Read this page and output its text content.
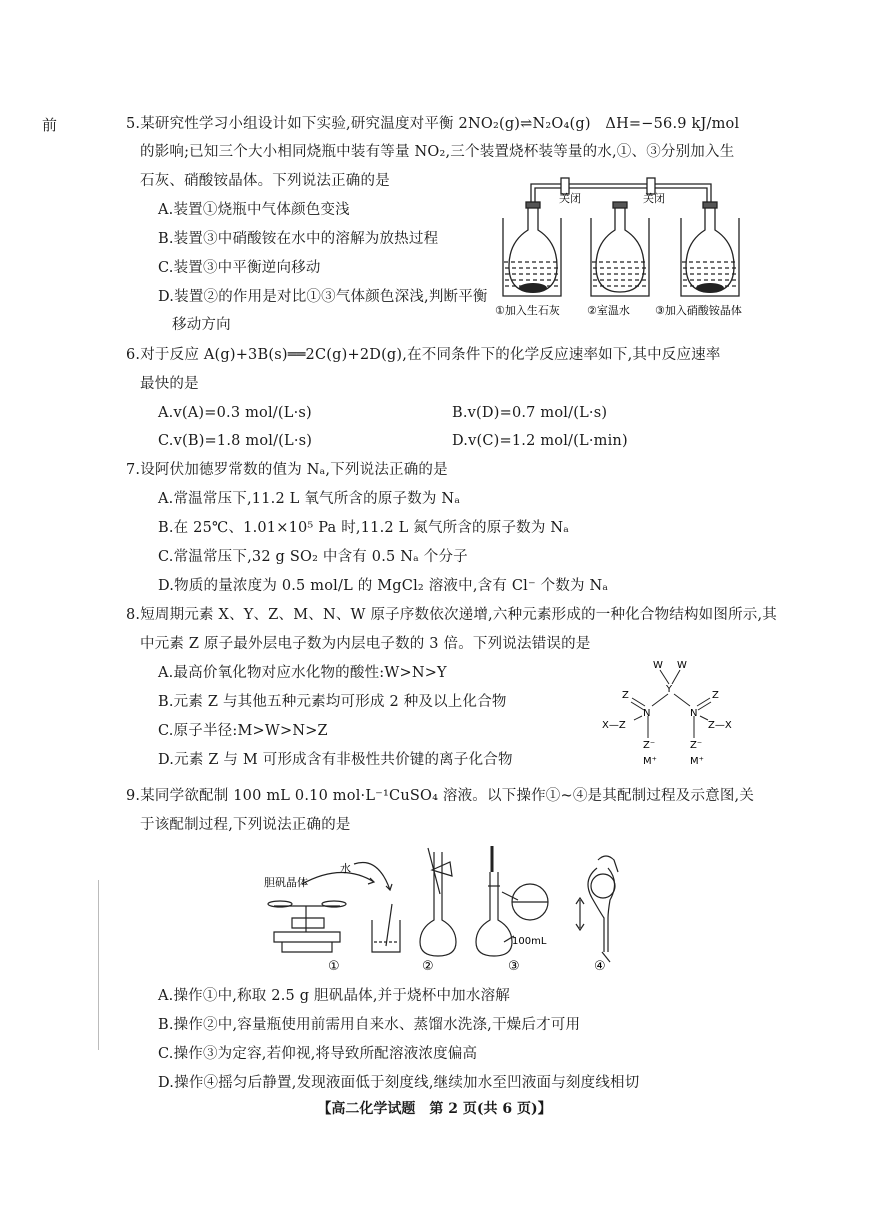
前	5.某研究性学习小组设计如下实验,研究温度对平衡 2NO₂(g)⇌N₂O₄(g)　ΔH=−56.9 kJ/mol
的影响;已知三个大小相同烧瓶中装有等量 NO₂,三个装置烧杯装等量的水,①、③分别加入生
石灰、硝酸铵晶体。下列说法正确的是
A.装置①烧瓶中气体颜色变浅
B.装置③中硝酸铵在水中的溶解为放热过程
C.装置③中平衡逆向移动
D.装置②的作用是对比①③气体颜色深浅,判断平衡
移动方向
关闭	关闭
①加入生石灰 ②室温水 ③加入硝酸铵晶体
6.对于反应 A(g)+3B(s)══2C(g)+2D(g),在不同条件下的化学反应速率如下,其中反应速率
最快的是
A.v(A)=0.3 mol/(L·s)	B.v(D)=0.7 mol/(L·s)
C.v(B)=1.8 mol/(L·s)	D.v(C)=1.2 mol/(L·min)
7.设阿伏加德罗常数的值为 Nₐ,下列说法正确的是
A.常温常压下,11.2 L 氧气所含的原子数为 Nₐ
B.在 25℃、1.01×10⁵ Pa 时,11.2 L 氮气所含的原子数为 Nₐ
C.常温常压下,32 g SO₂ 中含有 0.5 Nₐ 个分子
D.物质的量浓度为 0.5 mol/L 的 MgCl₂ 溶液中,含有 Cl⁻ 个数为 Nₐ
8.短周期元素 X、Y、Z、M、N、W 原子序数依次递增,六种元素形成的一种化合物结构如图所示,其
中元素 Z 原子最外层电子数为内层电子数的 3 倍。下列说法错误的是
A.最高价氧化物对应水化物的酸性:W>N>Y
B.元素 Z 与其他五种元素均可形成 2 种及以上化合物
C.原子半径:M>W>N>Z
D.元素 Z 与 M 可形成含有非极性共价键的离子化合物
W W
Y
Z	Z
N	N
X—Z	Z—X
Z⁻	Z⁻
M⁺	M⁺
9.某同学欲配制 100 mL 0.10 mol·L⁻¹CuSO₄ 溶液。以下操作①~④是其配制过程及示意图,关
于该配制过程,下列说法正确的是
胆矾晶体
水
100mL
①	②	③	④
A.操作①中,称取 2.5 g 胆矾晶体,并于烧杯中加水溶解
B.操作②中,容量瓶使用前需用自来水、蒸馏水洗涤,干燥后才可用
C.操作③为定容,若仰视,将导致所配溶液浓度偏高
D.操作④摇匀后静置,发现液面低于刻度线,继续加水至凹液面与刻度线相切
【高二化学试题　第 2 页(共 6 页)】
